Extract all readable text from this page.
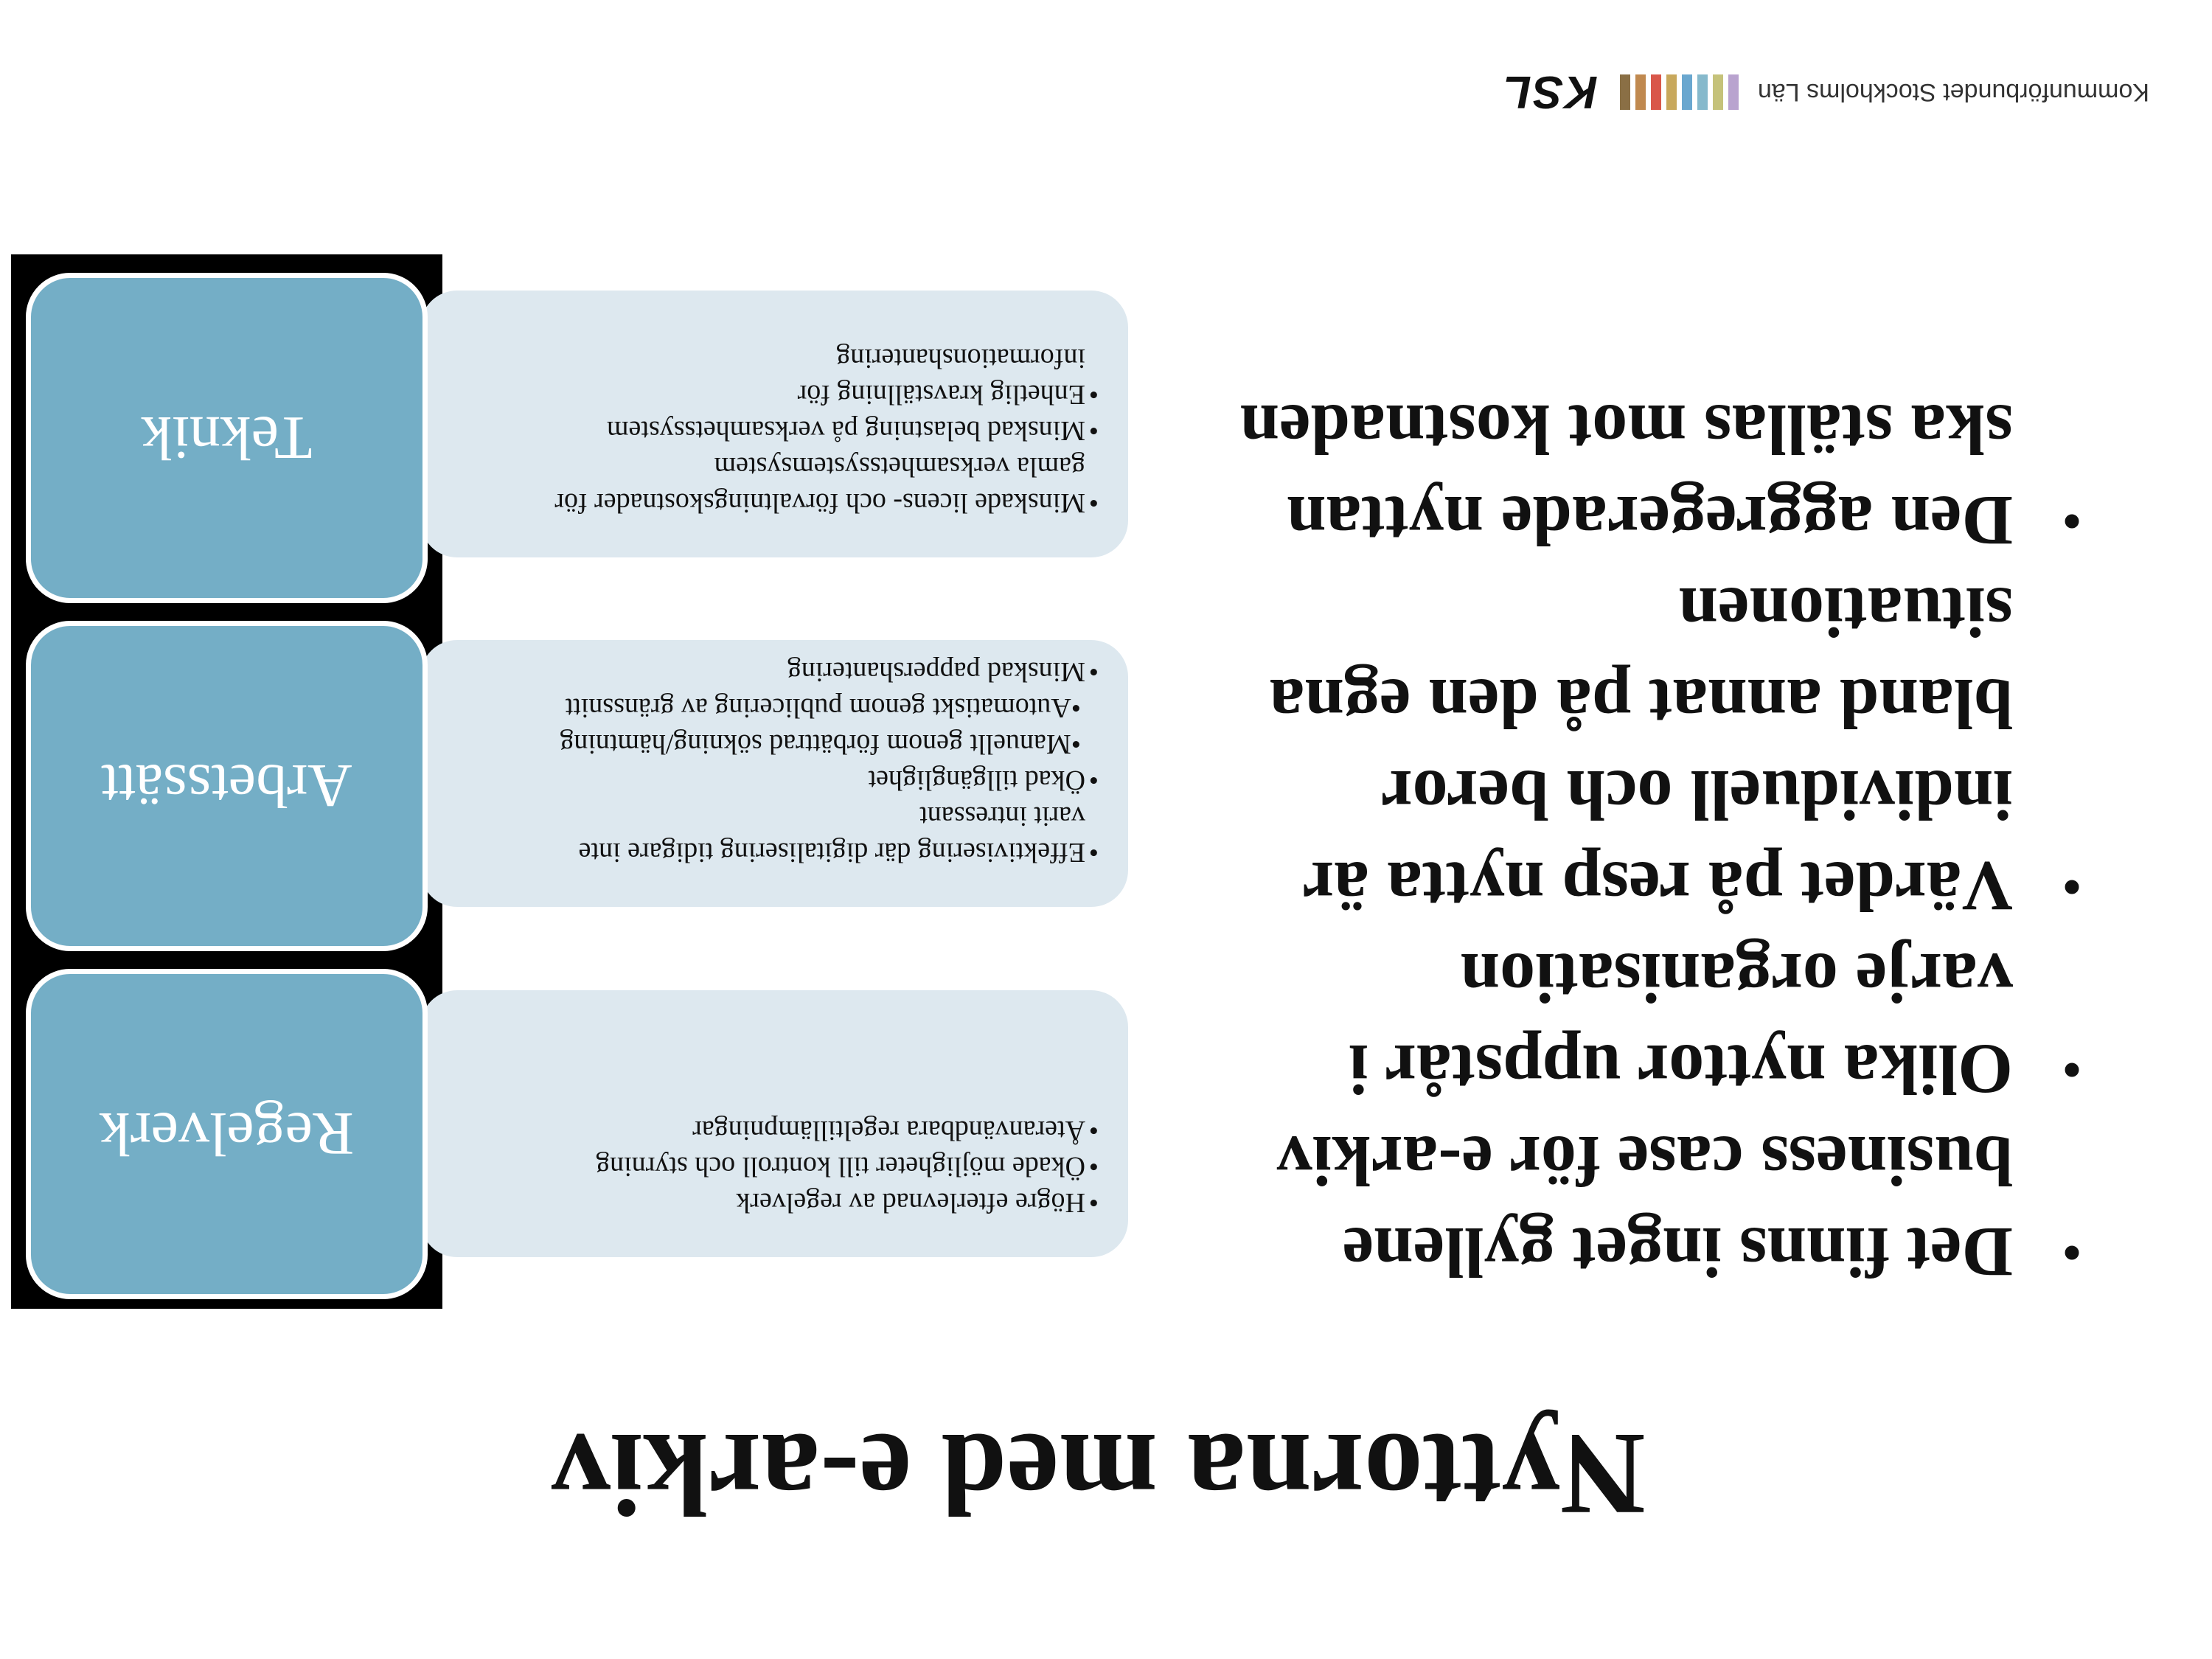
Kommunförbundet Stockholms Län
KSL
Nyttorna med e-arkiv
•
Det finns inget gyllene
business case för e-arkiv
•
Olika nyttor uppstår i
varje organisation
•
Värdet på resp nytta är
individuell och beror
bland annat på den egna
situationen
•
Den aggregerade nyttan
ska ställas mot kostnaden
• Högre efterlevnad av regelverk
• Ökade möjligheter till kontroll och styrning
• Återanvändbara regeltillämpningar
Regelverk
• Effektivisering där digitalisering tidigare inte
varit intressant
• Ökad tillgänglighet
•Manuellt genom förbättrad sökning/hämtning
•Automatiskt genom publicering av gränssnitt
• Minskad pappershantering
Arbetssätt
• Minskade licens- och förvaltningskostnader för
gamla verksamhetssystemsystem
• Minskad belastning på verksamhetssystem
• Enhetlig kravställning för
informationshantering
Teknik
